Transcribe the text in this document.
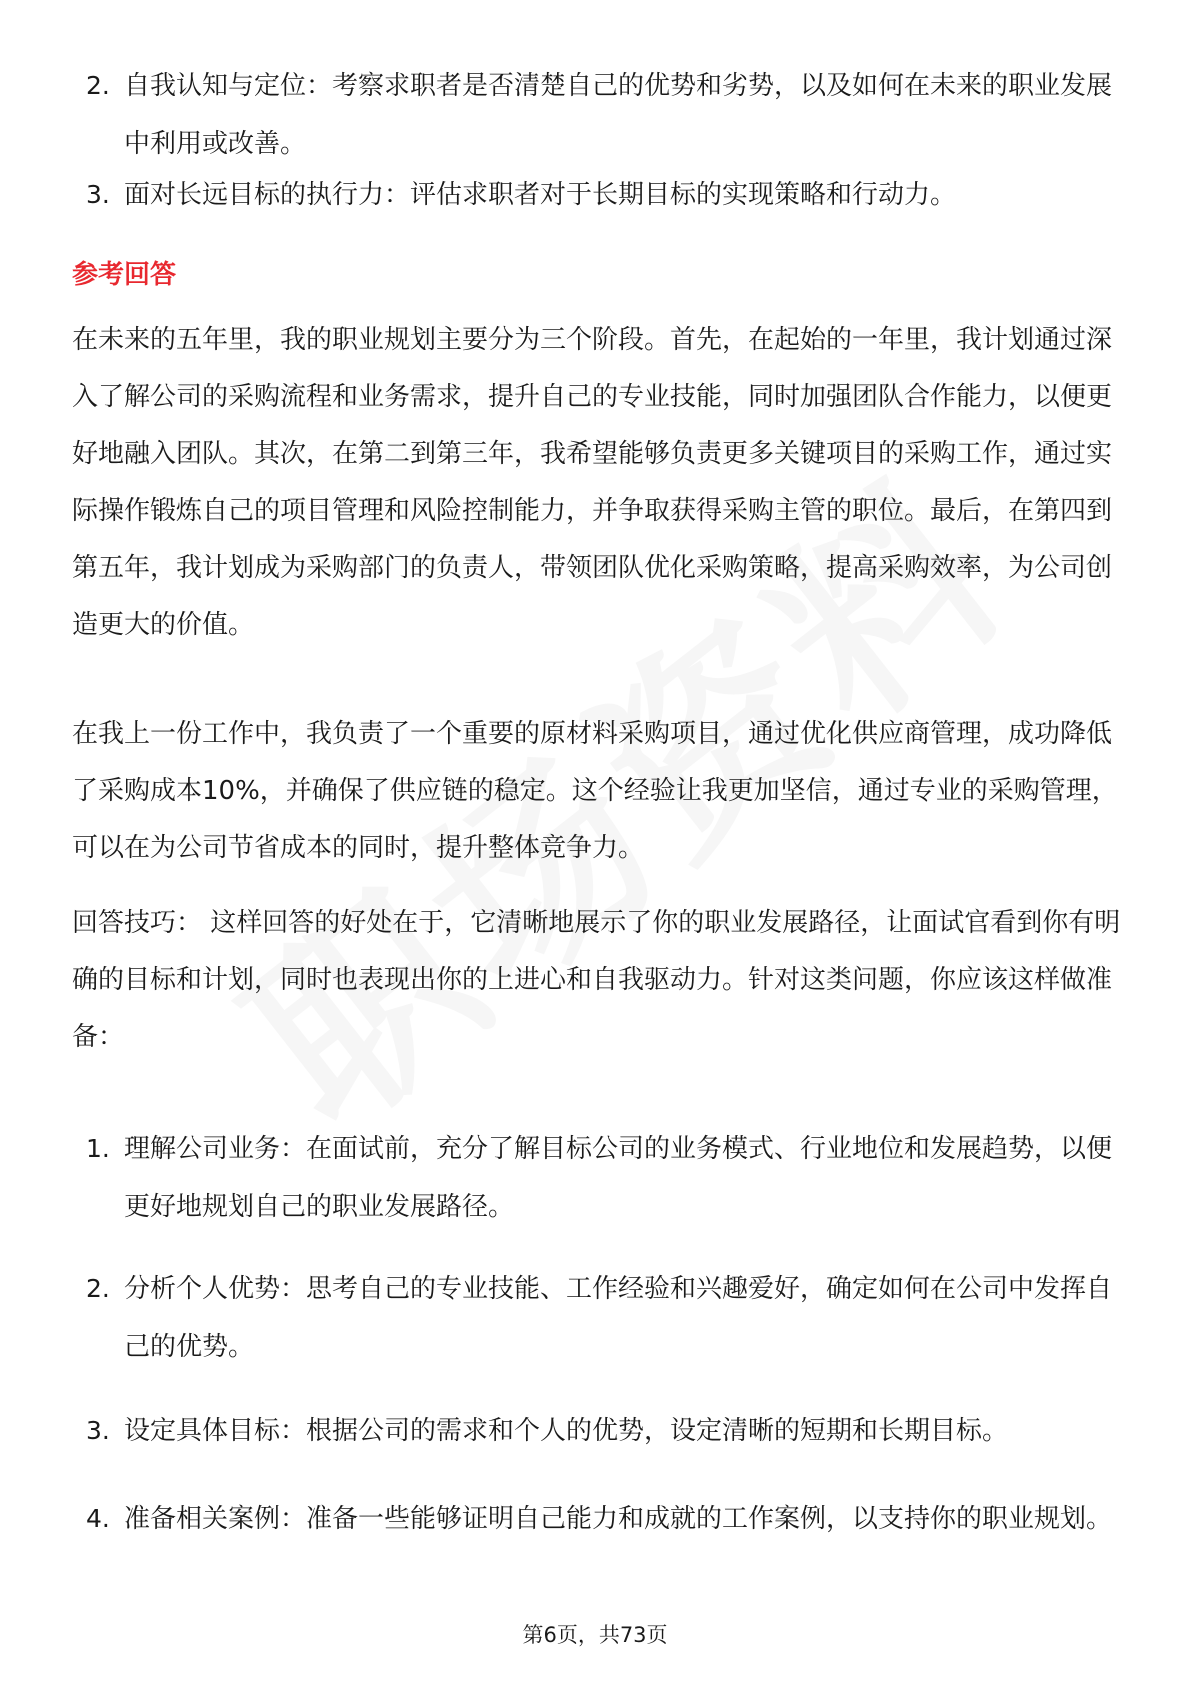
2. 自我认知与定位：考察求职者是否清楚自己的优势和劣势，以及如何在未来的职业发展中利用或改善。
3. 面对长远目标的执行力：评估求职者对于长期目标的实现策略和行动力。
参考回答
在未来的五年里，我的职业规划主要分为三个阶段。首先，在起始的一年里，我计划通过深入了解公司的采购流程和业务需求，提升自己的专业技能，同时加强团队合作能力，以便更好地融入团队。其次，在第二到第三年，我希望能够负责更多关键项目的采购工作，通过实际操作锻炼自己的项目管理和风险控制能力，并争取获得采购主管的职位。最后，在第四到第五年，我计划成为采购部门的负责人，带领团队优化采购策略，提高采购效率，为公司创造更大的价值。
在我上一份工作中，我负责了一个重要的原材料采购项目，通过优化供应商管理，成功降低了采购成本10%，并确保了供应链的稳定。这个经验让我更加坚信，通过专业的采购管理，可以在为公司节省成本的同时，提升整体竞争力。
回答技巧： 这样回答的好处在于，它清晰地展示了你的职业发展路径，让面试官看到你有明确的目标和计划，同时也表现出你的上进心和自我驱动力。针对这类问题，你应该这样做准备：
1. 理解公司业务：在面试前，充分了解目标公司的业务模式、行业地位和发展趋势，以便更好地规划自己的职业发展路径。
2. 分析个人优势：思考自己的专业技能、工作经验和兴趣爱好，确定如何在公司中发挥自己的优势。
3. 设定具体目标：根据公司的需求和个人的优势，设定清晰的短期和长期目标。
4. 准备相关案例：准备一些能够证明自己能力和成就的工作案例，以支持你的职业规划。
第6页，共73页
